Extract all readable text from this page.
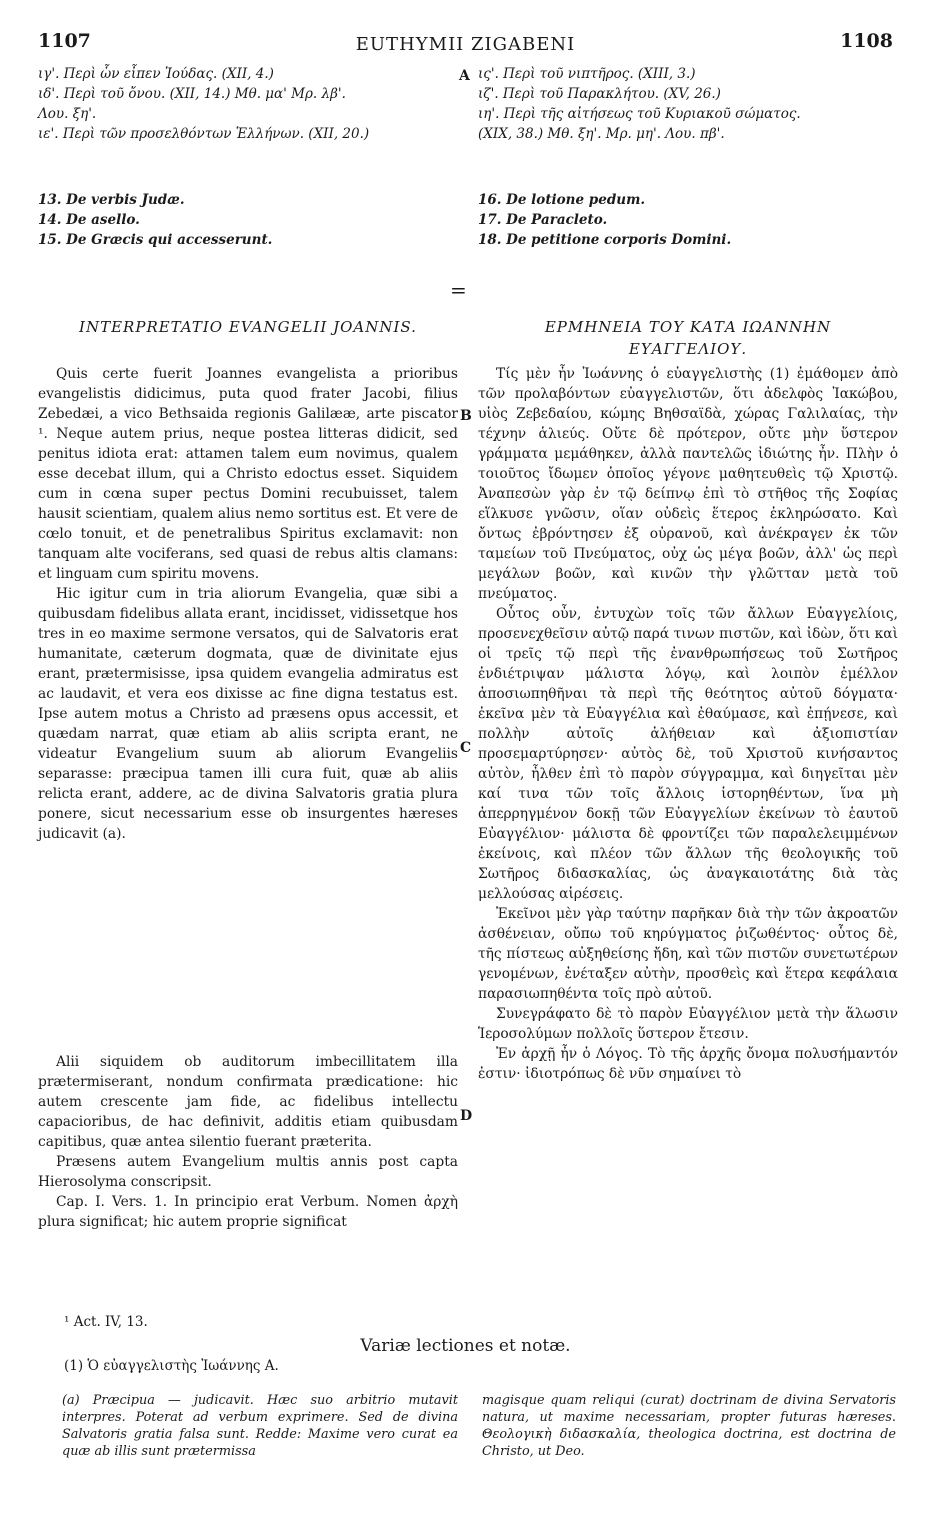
1107	EUTHYMII ZIGABENI	1108
ιγ'. Περὶ ὧν εἶπεν Ἰούδας. (XII, 4.)
ιδ'. Περὶ τοῦ ὄνου. (XII, 14.) Μθ. μα' Μρ. λβ'.
Λου. ξη'.
ιε'. Περὶ τῶν προσελθόντων Ἑλλήνων. (XII, 20.)
A ις'. Περὶ τοῦ νιπτῆρος. (XIII, 3.)
ιζ'. Περὶ τοῦ Παρακλήτου. (XV, 26.)
ιη'. Περὶ τῆς αἰτήσεως τοῦ Κυριακοῦ σώματος.
(XIX, 38.) Μθ. ξη'. Μρ. μη'. Λου. πβ'.
13. De verbis Judæ.
14. De asello.
15. De Græcis qui accesserunt.
16. De lotione pedum.
17. De Paracleto.
18. De petitione corporis Domini.
=
INTERPRETATIO EVANGELII JOANNIS.	ΕΡΜΗΝΕΙΑ ΤΟΥ ΚΑΤΑ ΙΩΑΝΝΗΝ
ΕΥΑΓΓΕΛΙΟΥ.

Quis certe fuerit Joannes evangelista a prioribus evangelistis didicimus, puta quod frater Jacobi, filius Zebedæi, a vico Bethsaida regionis Galilææ, arte piscator ¹. Neque autem prius, neque postea litteras didicit, sed penitus idiota erat: attamen talem eum novimus, qualem esse decebat illum, qui a Christo edoctus esset. Siquidem cum in cœna super pectus Domini recubuisset, talem hausit scientiam, qualem alius nemo sortitus est. Et vere de cœlo tonuit, et de penetralibus Spiritus exclamavit: non tanquam alte vociferans, sed quasi de rebus altis clamans: et linguam cum spiritu movens.

Hic igitur cum in tria aliorum Evangelia, quæ sibi a quibusdam fidelibus allata erant, incidisset, vidissetque hos tres in eo maxime sermone versatos, qui de Salvatoris erat humanitate, cæterum dogmata, quæ de divinitate ejus erant, prætermisisse, ipsa quidem evangelia admiratus est ac laudavit, et vera eos dixisse ac fine digna testatus est. Ipse autem motus a Christo ad præsens opus accessit, et quædam narrat, quæ etiam ab aliis scripta erant, ne videatur Evangelium suum ab aliorum Evangeliis separasse: præcipua tamen illi cura fuit, quæ ab aliis relicta erant, addere, ac de divina Salvatoris gratia plura ponere, sicut necessarium esse ob insurgentes hæreses judicavit (a).

Alii siquidem ob auditorum imbecillitatem illa prætermiserant, nondum confirmata prædicatione: hic autem crescente jam fide, ac fidelibus intellectu capacioribus, de hac definivit, additis etiam quibusdam capitibus, quæ antea silentio fuerant præterita.

Præsens autem Evangelium multis annis post capta Hierosolyma conscripsit.

Cap. I. Vers. 1. In principio erat Verbum. Nomen ἀρχὴ plura significat; hic autem proprie significat

B
C
D

Τίς μὲν ἦν Ἰωάννης ὁ εὐαγγελιστὴς (1) ἐμάθομεν ἀπὸ τῶν προλαβόντων εὐαγγελιστῶν, ὅτι ἀδελφὸς Ἰακώβου, υἱὸς Ζεβεδαίου, κώμης Βηθσαϊδὰ, χώρας Γαλιλαίας, τὴν τέχνην ἁλιεύς. Οὔτε δὲ πρότερον, οὔτε μὴν ὕστερον γράμματα μεμάθηκεν, ἀλλὰ παντελῶς ἰδιώτης ἦν. Πλὴν ὁ τοιοῦτος ἴδωμεν ὁποῖος γέγονε μαθητευθεὶς τῷ Χριστῷ. Ἀναπεσὼν γὰρ ἐν τῷ δείπνῳ ἐπὶ τὸ στῆθος τῆς Σοφίας εἵλκυσε γνῶσιν, οἵαν οὐδεὶς ἕτερος ἐκληρώσατο. Καὶ ὄντως ἐβρόντησεν ἐξ οὐρανοῦ, καὶ ἀνέκραγεν ἐκ τῶν ταμείων τοῦ Πνεύματος, οὐχ ὡς μέγα βοῶν, ἀλλ' ὡς περὶ μεγάλων βοῶν, καὶ κινῶν τὴν γλῶτταν μετὰ τοῦ πνεύματος.

Οὗτος οὖν, ἐντυχὼν τοῖς τῶν ἄλλων Εὐαγγελίοις, προσενεχθεῖσιν αὐτῷ παρά τινων πιστῶν, καὶ ἰδὼν, ὅτι καὶ οἱ τρεῖς τῷ περὶ τῆς ἐνανθρωπήσεως τοῦ Σωτῆρος ἐνδιέτριψαν μάλιστα λόγῳ, καὶ λοιπὸν ἐμέλλον ἀποσιωπηθῆναι τὰ περὶ τῆς θεότητος αὐτοῦ δόγματα· ἐκεῖνα μὲν τὰ Εὐαγγέλια καὶ ἐθαύμασε, καὶ ἐπῄνεσε, καὶ πολλὴν αὐτοῖς ἀλήθειαν καὶ ἀξιοπιστίαν προσεμαρτύρησεν· αὐτὸς δὲ, τοῦ Χριστοῦ κινήσαντος αὐτὸν, ἦλθεν ἐπὶ τὸ παρὸν σύγγραμμα, καὶ διηγεῖται μὲν καί τινα τῶν τοῖς ἄλλοις ἱστορηθέντων, ἵνα μὴ ἀπερρηγμένον δοκῇ τῶν Εὐαγγελίων ἐκείνων τὸ ἑαυτοῦ Εὐαγγέλιον· μάλιστα δὲ φροντίζει τῶν παραλελειμμένων ἐκείνοις, καὶ πλέον τῶν ἄλλων τῆς θεολογικῆς τοῦ Σωτῆρος διδασκαλίας, ὡς ἀναγκαιοτάτης διὰ τὰς μελλούσας αἱρέσεις.

Ἐκεῖνοι μὲν γὰρ ταύτην παρῆκαν διὰ τὴν τῶν ἀκροατῶν ἀσθένειαν, οὔπω τοῦ κηρύγματος ῥιζωθέντος· οὗτος δὲ, τῆς πίστεως αὐξηθείσης ἤδη, καὶ τῶν πιστῶν συνετωτέρων γενομένων, ἐνέταξεν αὐτὴν, προσθεὶς καὶ ἕτερα κεφάλαια παρασιωπηθέντα τοῖς πρὸ αὐτοῦ.

Συνεγράφατο δὲ τὸ παρὸν Εὐαγγέλιον μετὰ τὴν ἅλωσιν Ἱεροσολύμων πολλοῖς ὕστερον ἔτεσιν.

Ἐν ἀρχῇ ἦν ὁ Λόγος. Τὸ τῆς ἀρχῆς ὄνομα πολυσήμαντόν ἐστιν· ἰδιοτρόπως δὲ νῦν σημαίνει τὸ

¹ Act. IV, 13.
Variæ lectiones et notæ.
(1) Ὁ εὐαγγελιστὴς Ἰωάννης A.

(a) Præcipua — judicavit. Hæc suo arbitrio mutavit interpres. Poterat ad verbum exprimere. Sed de divina Salvatoris gratia falsa sunt. Redde: Maxime vero curat ea quæ ab illis sunt prætermissa

magisque quam reliqui (curat) doctrinam de divina Servatoris natura, ut maxime necessariam, propter futuras hæreses. Θεολογικὴ διδασκαλία, theologica doctrina, est doctrina de Christo, ut Deo.
